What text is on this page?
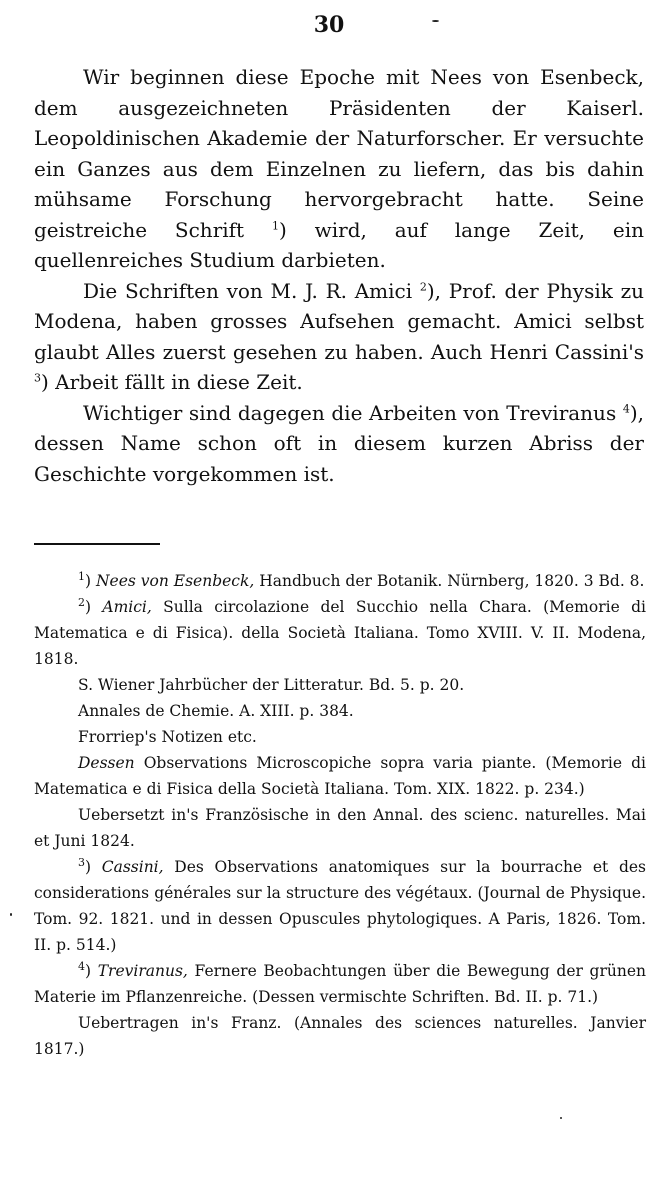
30

Wir beginnen diese Epoche mit Nees von Esenbeck, dem ausgezeichneten Präsidenten der Kaiserl. Leopoldinischen Akademie der Naturforscher. Er versuchte ein Ganzes aus dem Einzelnen zu liefern, das bis dahin mühsame Forschung hervorgebracht hatte. Seine geistreiche Schrift $^1$) wird, auf lange Zeit, ein quellenreiches Studium darbieten.

Die Schriften von M. J. R. Amici $^2$), Prof. der Physik zu Modena, haben grosses Aufsehen gemacht. Amici selbst glaubt Alles zuerst gesehen zu haben. Auch Henri Cassini's $^3$) Arbeit fällt in diese Zeit.

Wichtiger sind dagegen die Arbeiten von Treviranus $^4$), dessen Name schon oft in diesem kurzen Abriss der Geschichte vorgekommen ist.

$^1$) Nees von Esenbeck, Handbuch der Botanik. Nürnberg, 1820. 3 Bd. 8.

$^2$) Amici, Sulla circolazione del Succhio nella Chara. (Memorie di Matematica e di Fisica). della Società Italiana. Tomo XVIII. V. II. Modena, 1818.

S. Wiener Jahrbücher der Litteratur. Bd. 5. p. 20.

Annales de Chemie. A. XIII. p. 384.

Frorriep's Notizen etc.

Dessen Observations Microscopiche sopra varia piante. (Memorie di Matematica e di Fisica della Società Italiana. Tom. XIX. 1822. p. 234.)

Uebersetzt in's Französische in den Annal. des scienc. naturelles. Mai et Juni 1824.

$^3$) Cassini, Des Observations anatomiques sur la bourrache et des considerations générales sur la structure des végétaux. (Journal de Physique. Tom. 92. 1821. und in dessen Opuscules phytologiques. A Paris, 1826. Tom. II. p. 514.)

$^4$) Treviranus, Fernere Beobachtungen über die Bewegung der grünen Materie im Pflanzenreiche. (Dessen vermischte Schriften. Bd. II. p. 71.)

Uebertragen in's Franz. (Annales des sciences naturelles. Janvier 1817.)
